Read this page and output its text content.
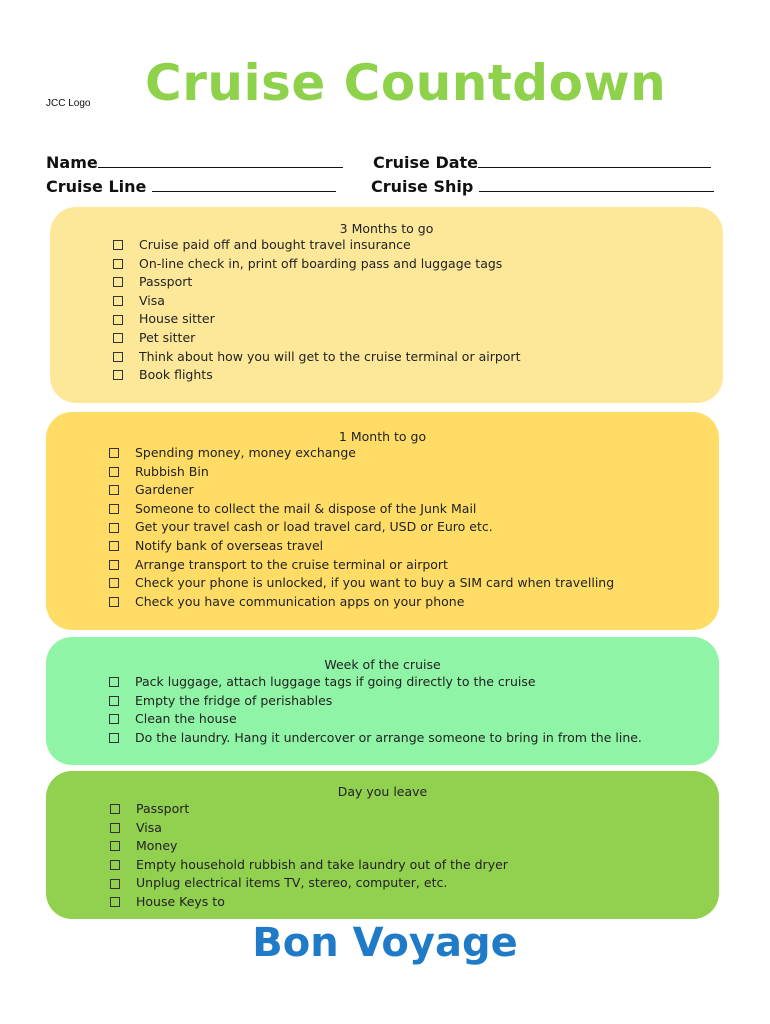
JCC Logo Cruise Countdown
Name	Cruise Date
Cruise Line	Cruise Ship
3 Months to go
Cruise paid off and bought travel insurance
On-line check in, print off boarding pass and luggage tags
Passport
Visa
House sitter
Pet sitter
Think about how you will get to the cruise terminal or airport
Book flights
1 Month to go
Spending money, money exchange
Rubbish Bin
Gardener
Someone to collect the mail & dispose of the Junk Mail
Get your travel cash or load travel card, USD or Euro etc.
Notify bank of overseas travel
Arrange transport to the cruise terminal or airport
Check your phone is unlocked, if you want to buy a SIM card when travelling
Check you have communication apps on your phone
Week of the cruise
Pack luggage, attach luggage tags if going directly to the cruise
Empty the fridge of perishables
Clean the house
Do the laundry. Hang it undercover or arrange someone to bring in from the line.
Day you leave
Passport
Visa
Money
Empty household rubbish and take laundry out of the dryer
Unplug electrical items TV, stereo, computer, etc.
House Keys to
Bon Voyage
